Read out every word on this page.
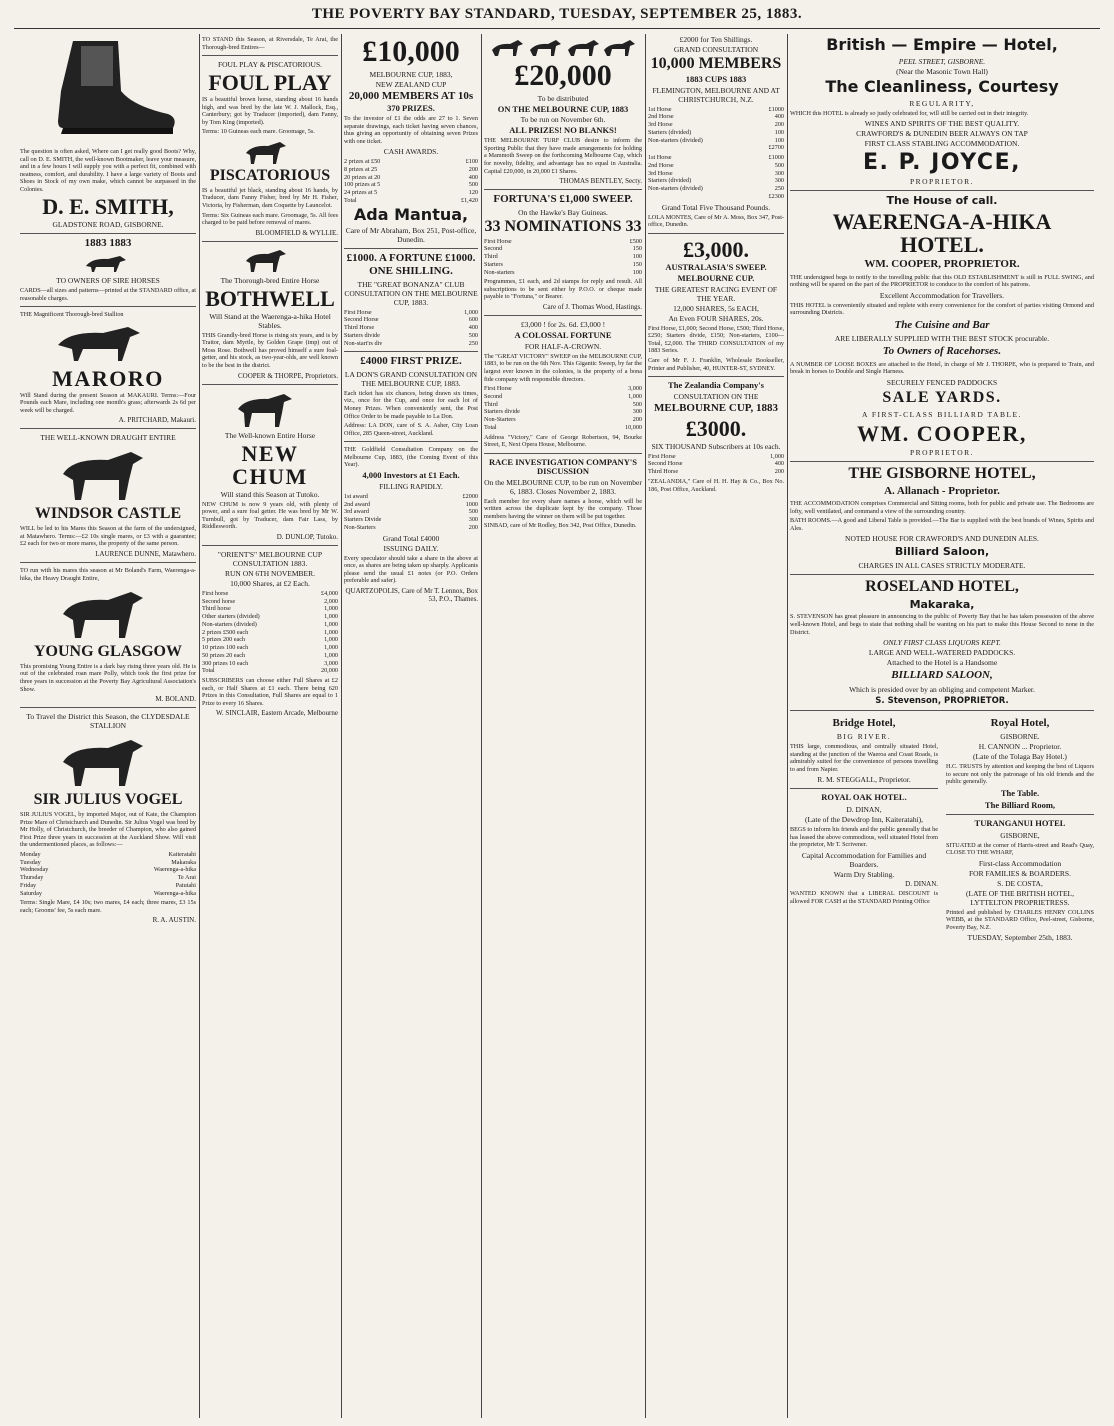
THE POVERTY BAY STANDARD, TUESDAY, SEPTEMBER 25, 1883.
The question is often asked, Where can I get really good Boots? Why, call on D. E. SMITH, the well-known Bootmaker, leave your measure, and in a few hours I will supply you with a perfect fit, combined with neatness, comfort, and durability. I have a large variety of Boots and Shoes in Stock of my own make, which cannot be surpassed in the Colonies.
D. E. SMITH,
GLADSTONE ROAD, GISBORNE.
1883 1883
TO OWNERS OF SIRE HORSES
CARDS—all sizes and patterns—printed at the STANDARD office, at reasonable charges.
THE Magnificent Thorough-bred Stallion
MARORO
Will Stand during the present Season at MAKAURI. Terms:—Four Pounds each Mare, including one month's grass; afterwards 2s 6d per week will be charged.
A. PRITCHARD, Makauri.
THE WELL-KNOWN DRAUGHT ENTIRE
WINDSOR CASTLE
WILL be led to his Mares this Season at the farm of the undersigned, at Matawhero. Terms:—£2 10s single mares, or £3 with a guarantee; £2 each for two or more mares, the property of the same person.
LAURENCE DUNNE, Matawhero.
TO run with his mares this season at Mr Boland's Farm, Waerenga-a-hika, the Heavy Draught Entire,
YOUNG GLASGOW
This promising Young Entire is a dark bay rising three years old. He is out of the celebrated roan mare Polly, which took the first prize for three years in succession at the Poverty Bay Agricultural Association's Show.
M. BOLAND.
To Travel the District this Season, the CLYDESDALE STALLION
SIR JULIUS VOGEL
SIR JULIUS VOGEL, by imported Major, out of Kate, the Champion Prize Mare of Christchurch and Dunedin. Sir Julius Vogel was bred by Mr Holly, of Christchurch, the breeder of Champion, who also gained First Prize three years in succession at the Auckland Show. Will visit the undermentioned places, as follows:—
Monday	Kaiteratahi
Tuesday	Makaraka
Wednesday	Waerenga-a-hika
Thursday	Te Arai
Friday	Patutahi
Saturday	Waerenga-a-hika
Terms: Single Mare, £4 10s; two mares, £4 each; three mares, £3 15s each; Grooms' fee, 5s each mare.
R. A. AUSTIN.
TO STAND this Season, at Riversdale, Te Arai, the Thorough-bred Entires—
FOUL PLAY & PISCATORIOUS.
FOUL PLAY
IS a beautiful brown horse, standing about 16 hands high, and was bred by the late W. J. Mallock, Esq., Canterbury; got by Traducer (imported), dam Fanny, by Tom King (imported).
Terms: 10 Guineas each mare. Groomage, 5s.
PISCATORIOUS
IS a beautiful jet black, standing about 16 hands, by Traducer, dam Fanny Fisher, bred by Mr H. Fisher, Victoria, by Fisherman, dam Coquette by Launcelot.
Terms: Six Guineas each mare. Groomage, 5s. All fees charged to be paid before removal of mares.
BLOOMFIELD & WYLLIE.
The Thorough-bred Entire Horse
BOTHWELL
Will Stand at the Waerenga-a-hika Hotel Stables.
THIS Grandly-bred Horse is rising six years, and is by Traitor, dam Myrtle, by Golden Grape (imp) out of Moss Rose. Bothwell has proved himself a sure foal-getter, and his stock, as two-year-olds, are well known to be the best in the district.
COOPER & THORPE, Proprietors.
The Well-known Entire Horse
NEW CHUM
Will stand this Season at Tutoko.
NEW CHUM is now 9 years old, with plenty of power, and a sure foal getter. He was bred by Mr W. Turnbull, got by Traducer, dam Fair Lass, by Riddlesworth.
D. DUNLOP, Tutoko.
"ORIENT'S" MELBOURNE CUP CONSULTATION 1883.
RUN ON 6TH NOVEMBER.
10,000 Shares, at £2 Each.
First horse	£4,000
Second horse	2,000
Third horse	1,000
Other starters (divided)	1,000
Non-starters (divided)	1,000
2 prizes £500 each	1,000
5 prizes 200 each	1,000
10 prizes 100 each	1,000
50 prizes 20 each	1,000
300 prizes 10 each	3,000
Total	20,000
SUBSCRIBERS can choose either Full Shares at £2 each, or Half Shares at £1 each. There being 620 Prizes in this Consultation, Full Shares are equal to 1 Prize to every 16 Shares.
W. SINCLAIR, Eastern Arcade, Melbourne
£10,000
MELBOURNE CUP, 1883,
NEW ZEALAND CUP
20,000 MEMBERS AT 10s
370 PRIZES.
To the investor of £1 the odds are 27 to 1. Seven separate drawings, each ticket having seven chances, thus giving an opportunity of obtaining seven Prizes with one ticket.
CASH AWARDS.
2 prizes at £50	£100
8 prizes at 25	200
20 prizes at 20	400
100 prizes at 5	500
24 prizes at 5	120
Total	£1,420
Ada Mantua,
Care of Mr Abraham, Box 251, Post-office, Dunedin.
£1000. A FORTUNE £1000.
ONE SHILLING.
THE "GREAT BONANZA" CLUB CONSULTATION ON THE MELBOURNE CUP, 1883.
First Horse	1,000
Second Horse	600
Third Horse	400
Starters divide	500
Non-start'rs div	250
£4000 FIRST PRIZE.
LA DON'S GRAND CONSULTATION ON THE MELBOURNE CUP, 1883.
Each ticket has six chances, being drawn six times, viz., once for the Cup, and once for each lot of Money Prizes. When conveniently sent, the Post Office Order to be made payable to La Don.
Address: LA DON, care of S. A. Asher, City Loan Office, 285 Queen-street, Auckland.
THE Goldfield Consultation Company on the Melbourne Cup, 1883, (the Coming Event of this Year).
4,000 Investors at £1 Each.
FILLING RAPIDLY.
1st award	£2000
2nd award	1000
3rd award	500
Starters Divide	300
Non-Starters	200
Grand Total £4000
ISSUING DAILY.
Every speculator should take a share in the above at once, as shares are being taken up sharply. Applicants please send the usual £1 notes (or P.O. Orders preferable and safer).
QUARTZOPOLIS, Care of Mr T. Lennox, Box 53, P.O., Thames.
£20,000
To be distributed
ON THE MELBOURNE CUP, 1883
To be run on November 6th.
ALL PRIZES! NO BLANKS!
THE MELBOURNE TURF CLUB desire to inform the Sporting Public that they have made arrangements for holding a Mammoth Sweep on the forthcoming Melbourne Cup, which for novelty, fidelity, and advantage has no equal in Australia. Capital £20,000, in 20,000 £1 Shares.
THOMAS BENTLEY, Secty.
FORTUNA'S £1,000 SWEEP.
On the Hawke's Bay Guineas.
33 NOMINATIONS 33
First Horse	£500
Second	150
Third	100
Starters	150
Non-starters	100
Programmes, £1 each, and 2d stamps for reply and result. All subscriptions to be sent either by P.O.O. or cheque made payable to "Fortuna," or Bearer.
Care of J. Thomas Wood, Hastings.
£3,000 ! for 2s. 6d. £3,000 !
A COLOSSAL FORTUNE
FOR HALF-A-CROWN.
The "GREAT VICTORY" SWEEP on the MELBOURNE CUP, 1883, to be run on the 6th Nov. This Gigantic Sweep, by far the largest ever known in the colonies, is the property of a bona fide company with responsible directors.
First Horse	3,000
Second	1,000
Third	500
Starters divide	300
Non-Starters	200
Total	10,000
Address "Victory," Care of George Robertson, 94, Bourke Street, E, Next Opera House, Melbourne.
RACE INVESTIGATION COMPANY'S DISCUSSION
On the MELBOURNE CUP, to be run on November 6, 1883. Closes November 2, 1883.
Each member for every share names a horse, which will be written across the duplicate kept by the company. Those members having the winner on them will be put together.
SINBAD, care of Mr Rodley, Box 342, Post Office, Dunedin.
£2000 for Ten Shillings.
GRAND CONSULTATION
10,000 MEMBERS
1883 CUPS 1883
FLEMINGTON, MELBOURNE AND AT CHRISTCHURCH, N.Z.
1st Horse	£1000
2nd Horse	400
3rd Horse	200
Starters (divided)	100
Non-starters (divided)	100
£2700
1st Horse	£1000
2nd Horse	500
3rd Horse	300
Starters (divided)	300
Non-starters (divided)	250
£2300
Grand Total Five Thousand Pounds.
LOLA MONTES, Care of Mr A. Moss, Box 347, Post-office, Dunedin.
£3,000.
AUSTRALASIA'S SWEEP.
MELBOURNE CUP.
THE GREATEST RACING EVENT OF THE YEAR.
12,000 SHARES, 5s EACH,
An Even FOUR SHARES, 20s.
First Horse, £1,000; Second Horse, £500; Third Horse, £250; Starters divide, £150; Non-starters, £100—Total, £2,000. The THIRD CONSULTATION of my 1883 Series.
Care of Mr F. J. Franklin, Wholesale Bookseller, Printer and Publisher, 40, HUNTER-ST, SYDNEY.
The Zealandia Company's
CONSULTATION ON THE
MELBOURNE CUP, 1883
£3000.
SIX THOUSAND Subscribers at 10s each.
First Horse	1,000
Second Horse	400
Third Horse	200
"ZEALANDIA," Care of H. H. Hay & Co., Box No. 186, Post Office, Auckland.
British — Empire — Hotel,
PEEL STREET, GISBORNE.
(Near the Masonic Town Hall)
The Cleanliness, Courtesy
REGULARITY,
WHICH this HOTEL is already so justly celebrated for, will still be carried out in their integrity.
WINES AND SPIRITS OF THE BEST QUALITY.
CRAWFORD'S & DUNEDIN BEER ALWAYS ON TAP
FIRST CLASS STABLING ACCOMMODATION.
E. P. JOYCE,
PROPRIETOR.
The House of call.
WAERENGA-A-HIKA HOTEL.
WM. COOPER, PROPRIETOR.
THE undersigned begs to notify to the travelling public that this OLD ESTABLISHMENT is still in FULL SWING, and nothing will be spared on the part of the PROPRIETOR to conduce to the comfort of his patrons.
Excellent Accommodation for Travellers.
THIS HOTEL is conveniently situated and replete with every convenience for the comfort of parties visiting Ormond and surrounding Districts.
The Cuisine and Bar
ARE LIBERALLY SUPPLIED WITH THE BEST STOCK procurable.
To Owners of Racehorses.
A NUMBER OF LOOSE BOXES are attached to the Hotel, in charge of Mr J. THORPE, who is prepared to Train, and break in horses to Double and Single Harness.
SECURELY FENCED PADDOCKS
SALE YARDS.
A FIRST-CLASS BILLIARD TABLE.
WM. COOPER,
PROPRIETOR.
THE GISBORNE HOTEL,
A. Allanach - Proprietor.
THE ACCOMMODATION comprises Commercial and Sitting rooms, both for public and private use. The Bedrooms are lofty, well ventilated, and command a view of the surrounding country.
BATH ROOMS.—A good and Liberal Table is provided.—The Bar is supplied with the best brands of Wines, Spirits and Ales.
NOTED HOUSE FOR CRAWFORD'S AND DUNEDIN ALES.
Billiard Saloon,
CHARGES IN ALL CASES STRICTLY MODERATE.
ROSELAND HOTEL,
Makaraka,
S. STEVENSON has great pleasure in announcing to the public of Poverty Bay that he has taken possession of the above well-known Hotel, and begs to state that nothing shall be wanting on his part to make this House Second to none in the District.
ONLY FIRST CLASS LIQUORS KEPT.
LARGE AND WELL-WATERED PADDOCKS.
Attached to the Hotel is a Handsome
BILLIARD SALOON,
Which is presided over by an obliging and competent Marker.
S. Stevenson, PROPRIETOR.
Bridge Hotel,
BIG RIVER.
THIS large, commodious, and centrally situated Hotel, standing at the junction of the Waeroa and Coast Roads, is admirably suited for the convenience of persons travelling to and from Napier.
R. M. STEGGALL, Proprietor.
ROYAL OAK HOTEL.
D. DINAN,
(Late of the Dewdrop Inn, Kaiteratahi),
BEGS to inform his friends and the public generally that he has leased the above commodious, well situated Hotel from the proprietor, Mr T. Scrivener.
Capital Accommodation for Families and Boarders.
Warm Dry Stabling.
D. DINAN.
WANTED KNOWN that a LIBERAL DISCOUNT is allowed FOR CASH at the STANDARD Printing Office
Royal Hotel,
GISBORNE.
H. CANNON ... Proprietor.
(Late of the Tolaga Bay Hotel.)
H.C. TRUSTS by attention and keeping the best of Liquors to secure not only the patronage of his old friends and the public generally.
The Table.
The Billiard Room,
TURANGANUI HOTEL
GISBORNE,
SITUATED at the corner of Harris-street and Read's Quay, CLOSE TO THE WHARF,
First-class Accommodation
FOR FAMILIES & BOARDERS.
S. DE COSTA,
(LATE OF THE BRITISH HOTEL, LYTTELTON PROPRIETRESS.
Printed and published by CHARLES HENRY COLLINS WEBB, at the STANDARD Office, Peel-street, Gisborne, Poverty Bay, N.Z.
TUESDAY, September 25th, 1883.
